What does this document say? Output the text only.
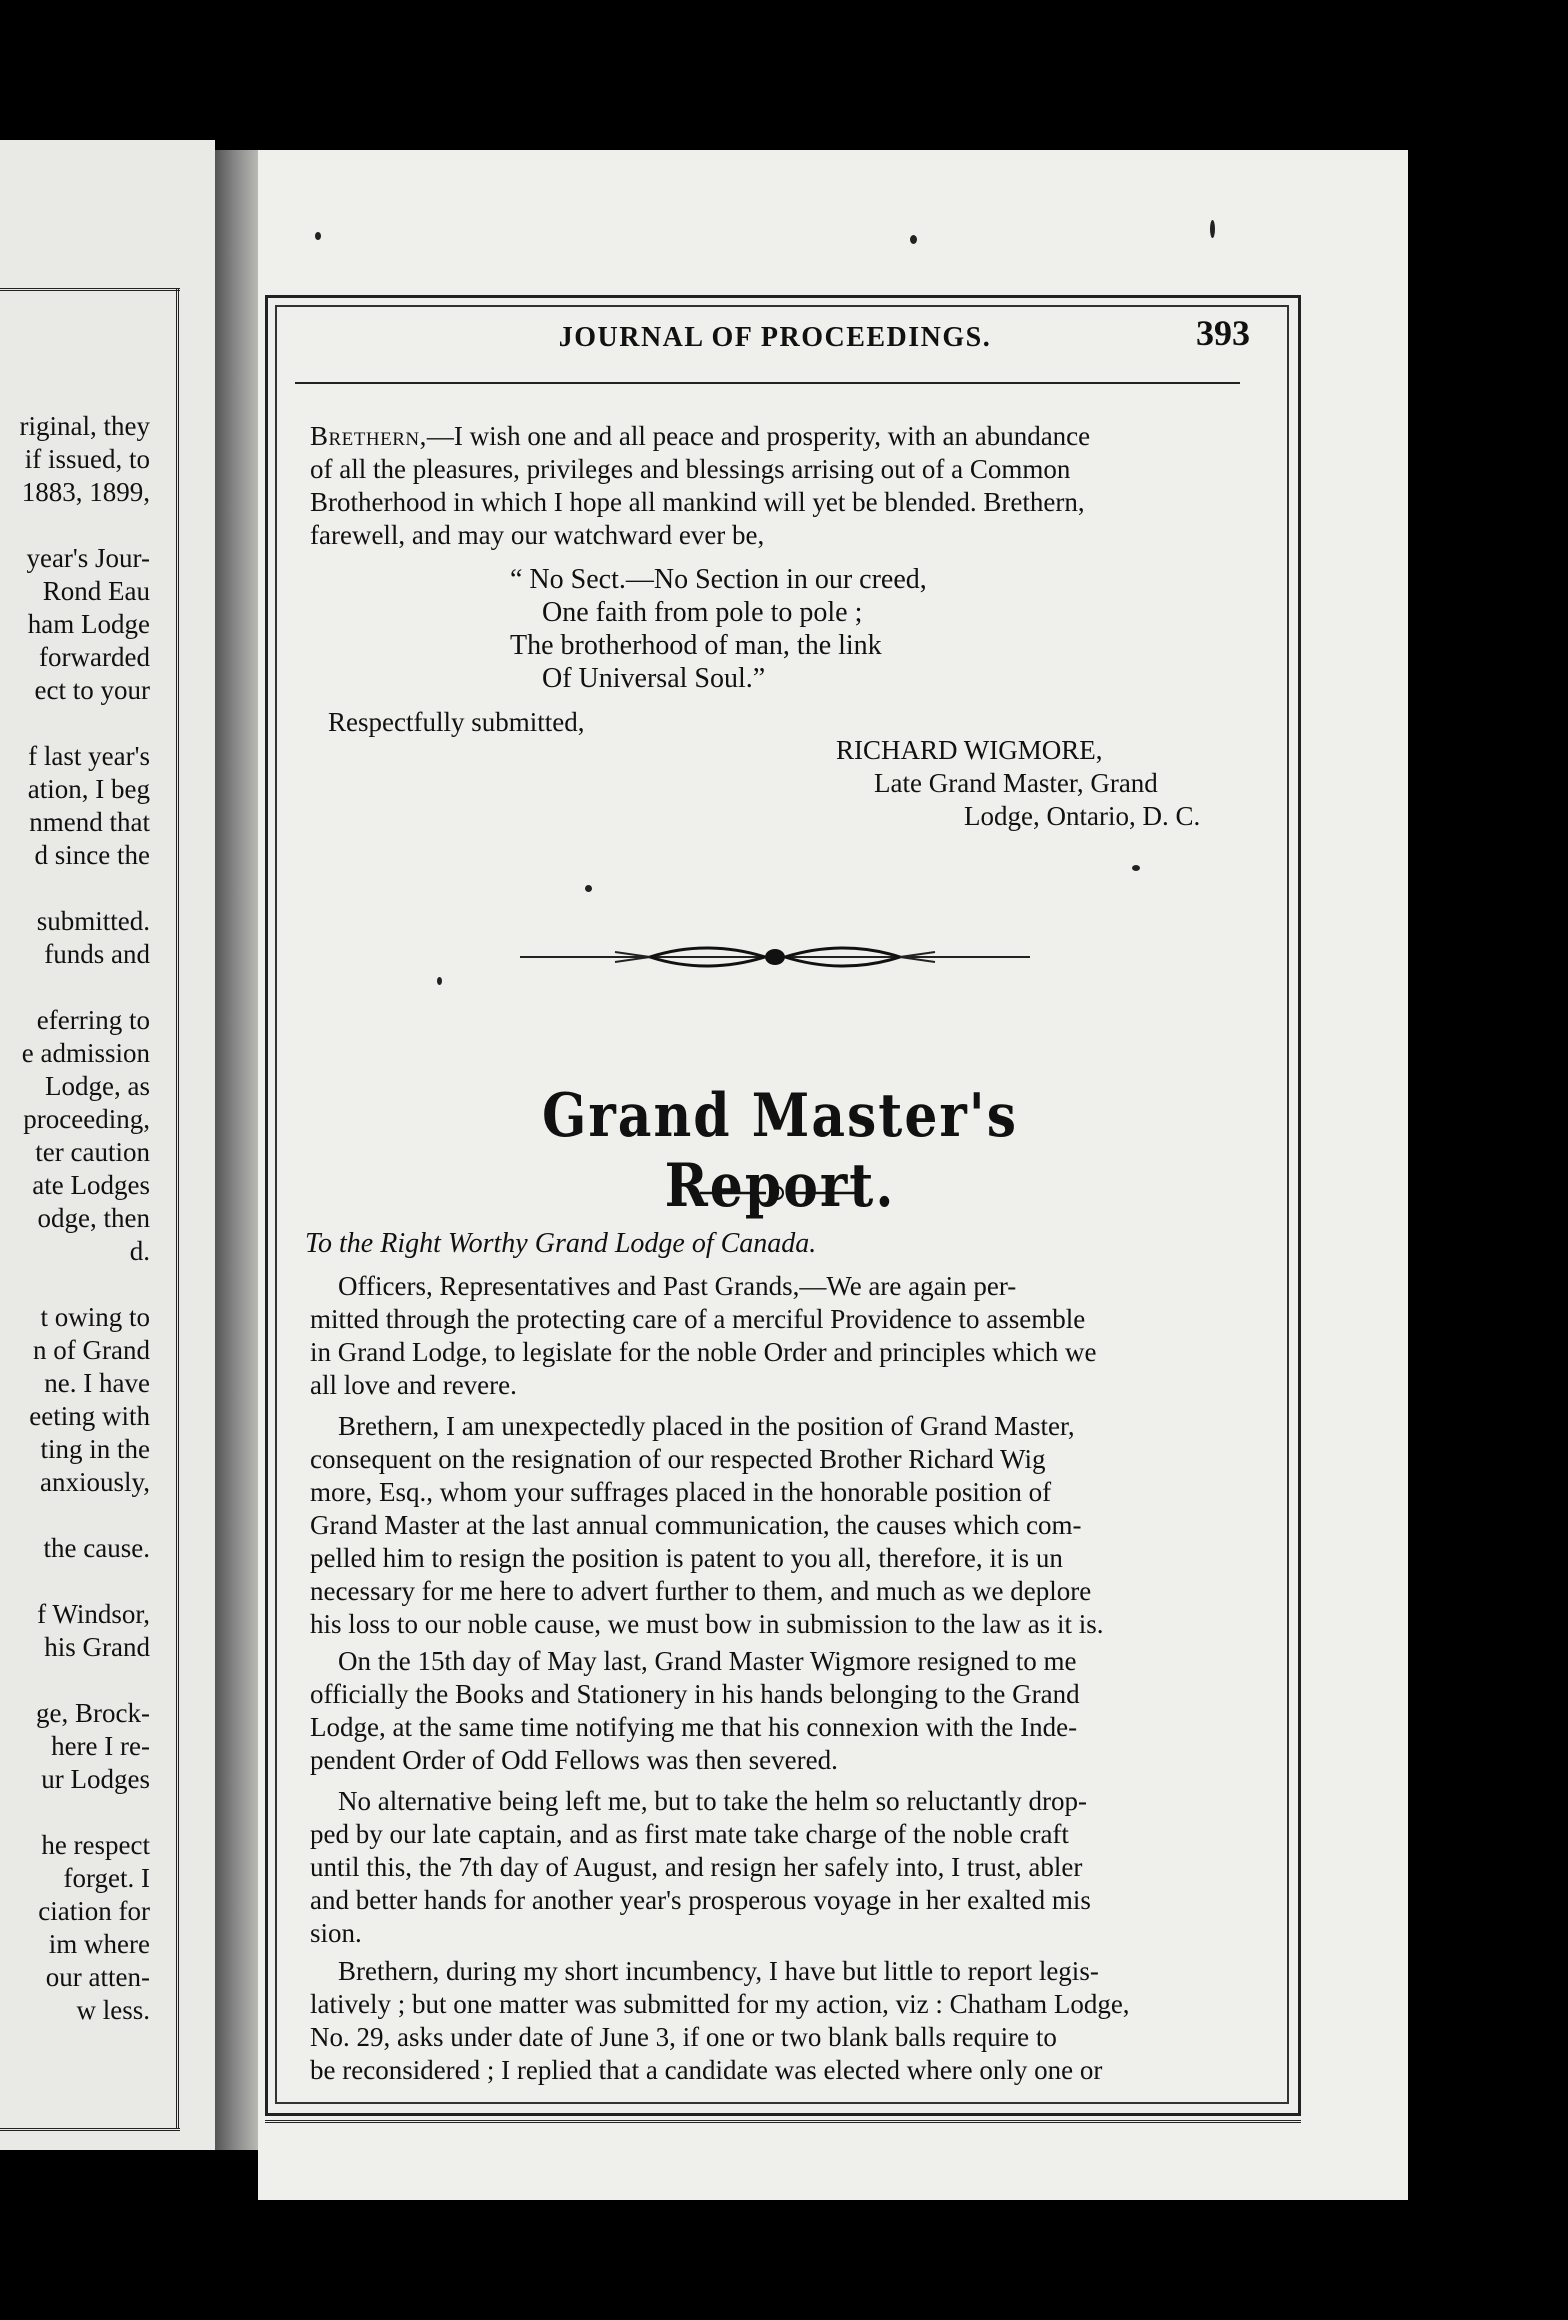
riginal, they
if issued, to
1883, 1899,
year's Jour-
Rond Eau
ham Lodge
forwarded
ect to your
f last year's
ation, I beg
nmend that
d since the
submitted.
funds and
eferring to
e admission
Lodge, as
proceeding,
ter caution
ate Lodges
odge, then
d.
t owing to
n of Grand
ne. I have
eeting with
ting in the
anxiously,
the cause.
f Windsor,
his Grand
ge, Brock-
here I re-
ur Lodges
he respect
forget. I
ciation for
im where
our atten-
w less.
JOURNAL OF PROCEEDINGS.	393
Brethern,—I wish one and all peace and prosperity, with an abundance
of all the pleasures, privileges and blessings arrising out of a Common
Brotherhood in which I hope all mankind will yet be blended. Brethern,
farewell, and may our watchward ever be,
“ No Sect.—No Section in our creed,
One faith from pole to pole ;
The brotherhood of man, the link
Of Universal Soul.”
Respectfully submitted,
RICHARD WIGMORE,
Late Grand Master, Grand
Lodge, Ontario, D. C.
Grand Master's Report.
To the Right Worthy Grand Lodge of Canada.
Officers, Representatives and Past Grands,—We are again per-
mitted through the protecting care of a merciful Providence to assemble
in Grand Lodge, to legislate for the noble Order and principles which we
all love and revere.
Brethern, I am unexpectedly placed in the position of Grand Master,
consequent on the resignation of our respected Brother Richard Wig
more, Esq., whom your suffrages placed in the honorable position of
Grand Master at the last annual communication, the causes which com-
pelled him to resign the position is patent to you all, therefore, it is un
necessary for me here to advert further to them, and much as we deplore
his loss to our noble cause, we must bow in submission to the law as it is.
On the 15th day of May last, Grand Master Wigmore resigned to me
officially the Books and Stationery in his hands belonging to the Grand
Lodge, at the same time notifying me that his connexion with the Inde-
pendent Order of Odd Fellows was then severed.
No alternative being left me, but to take the helm so reluctantly drop-
ped by our late captain, and as first mate take charge of the noble craft
until this, the 7th day of August, and resign her safely into, I trust, abler
and better hands for another year's prosperous voyage in her exalted mis
sion.
Brethern, during my short incumbency, I have but little to report legis-
latively ; but one matter was submitted for my action, viz : Chatham Lodge,
No. 29, asks under date of June 3, if one or two blank balls require to
be reconsidered ; I replied that a candidate was elected where only one or
